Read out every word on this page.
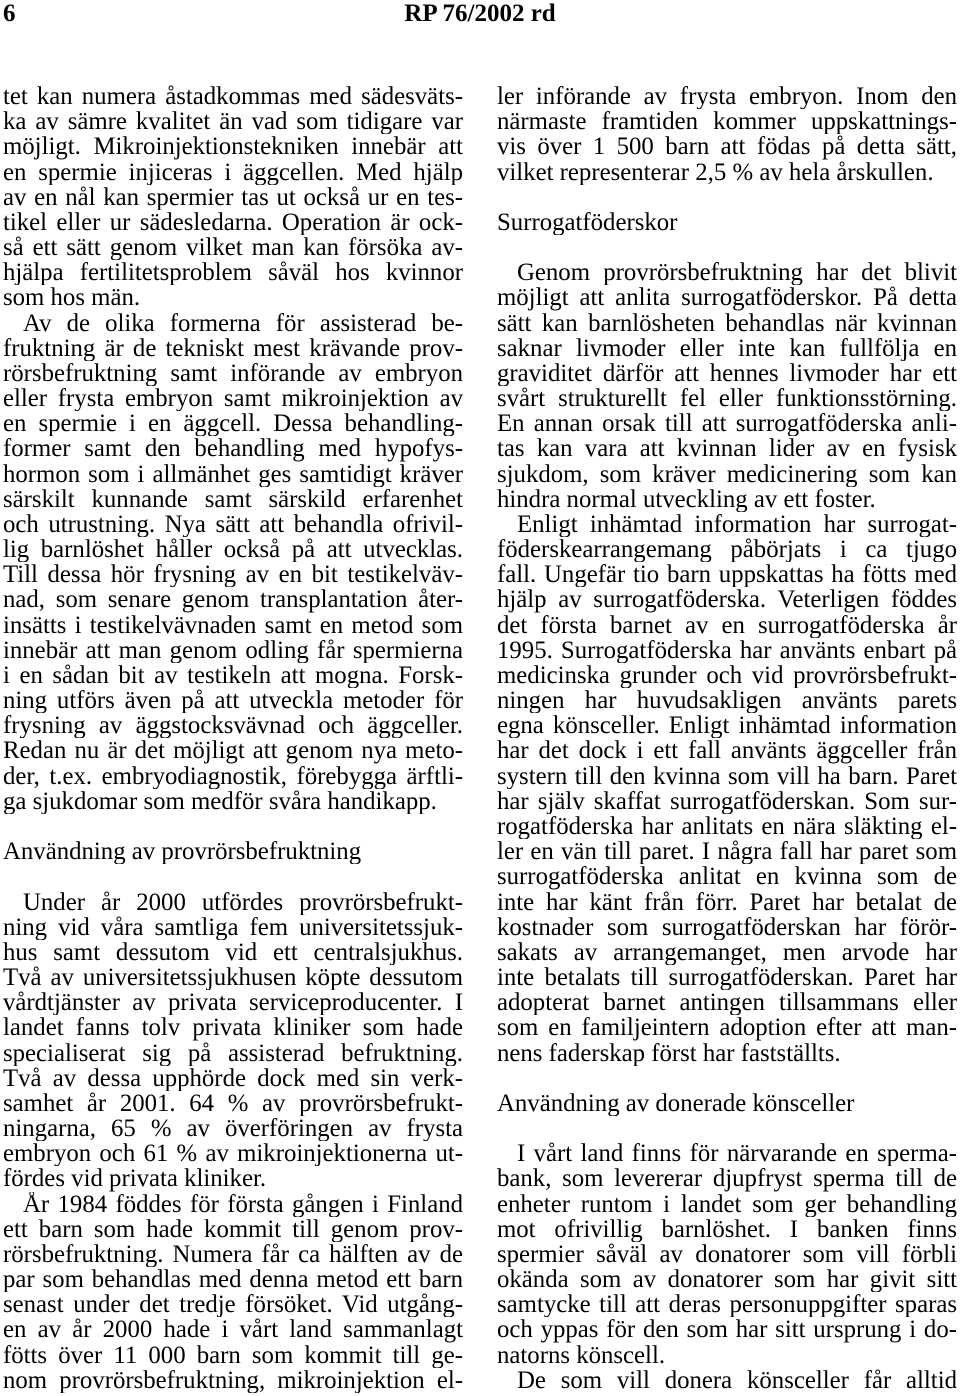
6	RP 76/2002 rd
tet kan numera åstadkommas med sädesväts-
ka av sämre kvalitet än vad som tidigare var
möjligt. Mikroinjektionstekniken innebär att
en spermie injiceras i äggcellen. Med hjälp
av en nål kan spermier tas ut också ur en tes-
tikel eller ur sädesledarna. Operation är ock-
så ett sätt genom vilket man kan försöka av-
hjälpa fertilitetsproblem såväl hos kvinnor
som hos män.
Av de olika formerna för assisterad be-
fruktning är de tekniskt mest krävande prov-
rörsbefruktning samt införande av embryon
eller frysta embryon samt mikroinjektion av
en spermie i en äggcell. Dessa behandling-
former samt den behandling med hypofys-
hormon som i allmänhet ges samtidigt kräver
särskilt kunnande samt särskild erfarenhet
och utrustning. Nya sätt att behandla ofrivil-
lig barnlöshet håller också på att utvecklas.
Till dessa hör frysning av en bit testikelväv-
nad, som senare genom transplantation åter-
insätts i testikelvävnaden samt en metod som
innebär att man genom odling får spermierna
i en sådan bit av testikeln att mogna. Forsk-
ning utförs även på att utveckla metoder för
frysning av äggstocksvävnad och äggceller.
Redan nu är det möjligt att genom nya meto-
der, t.ex. embryodiagnostik, förebygga ärftli-
ga sjukdomar som medför svåra handikapp.
Användning av provrörsbefruktning
Under år 2000 utfördes provrörsbefrukt-
ning vid våra samtliga fem universitetssjuk-
hus samt dessutom vid ett centralsjukhus.
Två av universitetssjukhusen köpte dessutom
vårdtjänster av privata serviceproducenter. I
landet fanns tolv privata kliniker som hade
specialiserat sig på assisterad befruktning.
Två av dessa upphörde dock med sin verk-
samhet år 2001. 64 % av provrörsbefrukt-
ningarna, 65 % av överföringen av frysta
embryon och 61 % av mikroinjektionerna ut-
fördes vid privata kliniker.
År 1984 föddes för första gången i Finland
ett barn som hade kommit till genom prov-
rörsbefruktning. Numera får ca hälften av de
par som behandlas med denna metod ett barn
senast under det tredje försöket. Vid utgång-
en av år 2000 hade i vårt land sammanlagt
fötts över 11 000 barn som kommit till ge-
nom provrörsbefruktning, mikroinjektion el-
ler införande av frysta embryon. Inom den
närmaste framtiden kommer uppskattnings-
vis över 1 500 barn att födas på detta sätt,
vilket representerar 2,5 % av hela årskullen.
Surrogatföderskor
Genom provrörsbefruktning har det blivit
möjligt att anlita surrogatföderskor. På detta
sätt kan barnlösheten behandlas när kvinnan
saknar livmoder eller inte kan fullfölja en
graviditet därför att hennes livmoder har ett
svårt strukturellt fel eller funktionsstörning.
En annan orsak till att surrogatföderska anli-
tas kan vara att kvinnan lider av en fysisk
sjukdom, som kräver medicinering som kan
hindra normal utveckling av ett foster.
Enligt inhämtad information har surrogat-
föderskearrangemang påbörjats i ca tjugo
fall. Ungefär tio barn uppskattas ha fötts med
hjälp av surrogatföderska. Veterligen föddes
det första barnet av en surrogatföderska år
1995. Surrogatföderska har använts enbart på
medicinska grunder och vid provrörsbefrukt-
ningen har huvudsakligen använts parets
egna könsceller. Enligt inhämtad information
har det dock i ett fall använts äggceller från
systern till den kvinna som vill ha barn. Paret
har själv skaffat surrogatföderskan. Som sur-
rogatföderska har anlitats en nära släkting el-
ler en vän till paret. I några fall har paret som
surrogatföderska anlitat en kvinna som de
inte har känt från förr. Paret har betalat de
kostnader som surrogatföderskan har förör-
sakats av arrangemanget, men arvode har
inte betalats till surrogatföderskan. Paret har
adopterat barnet antingen tillsammans eller
som en familjeintern adoption efter att man-
nens faderskap först har fastställts.
Användning av donerade könsceller
I vårt land finns för närvarande en sperma-
bank, som levererar djupfryst sperma till de
enheter runtom i landet som ger behandling
mot ofrivillig barnlöshet. I banken finns
spermier såväl av donatorer som vill förbli
okända som av donatorer som har givit sitt
samtycke till att deras personuppgifter sparas
och yppas för den som har sitt ursprung i do-
natorns könscell.
De som vill donera könsceller får alltid
